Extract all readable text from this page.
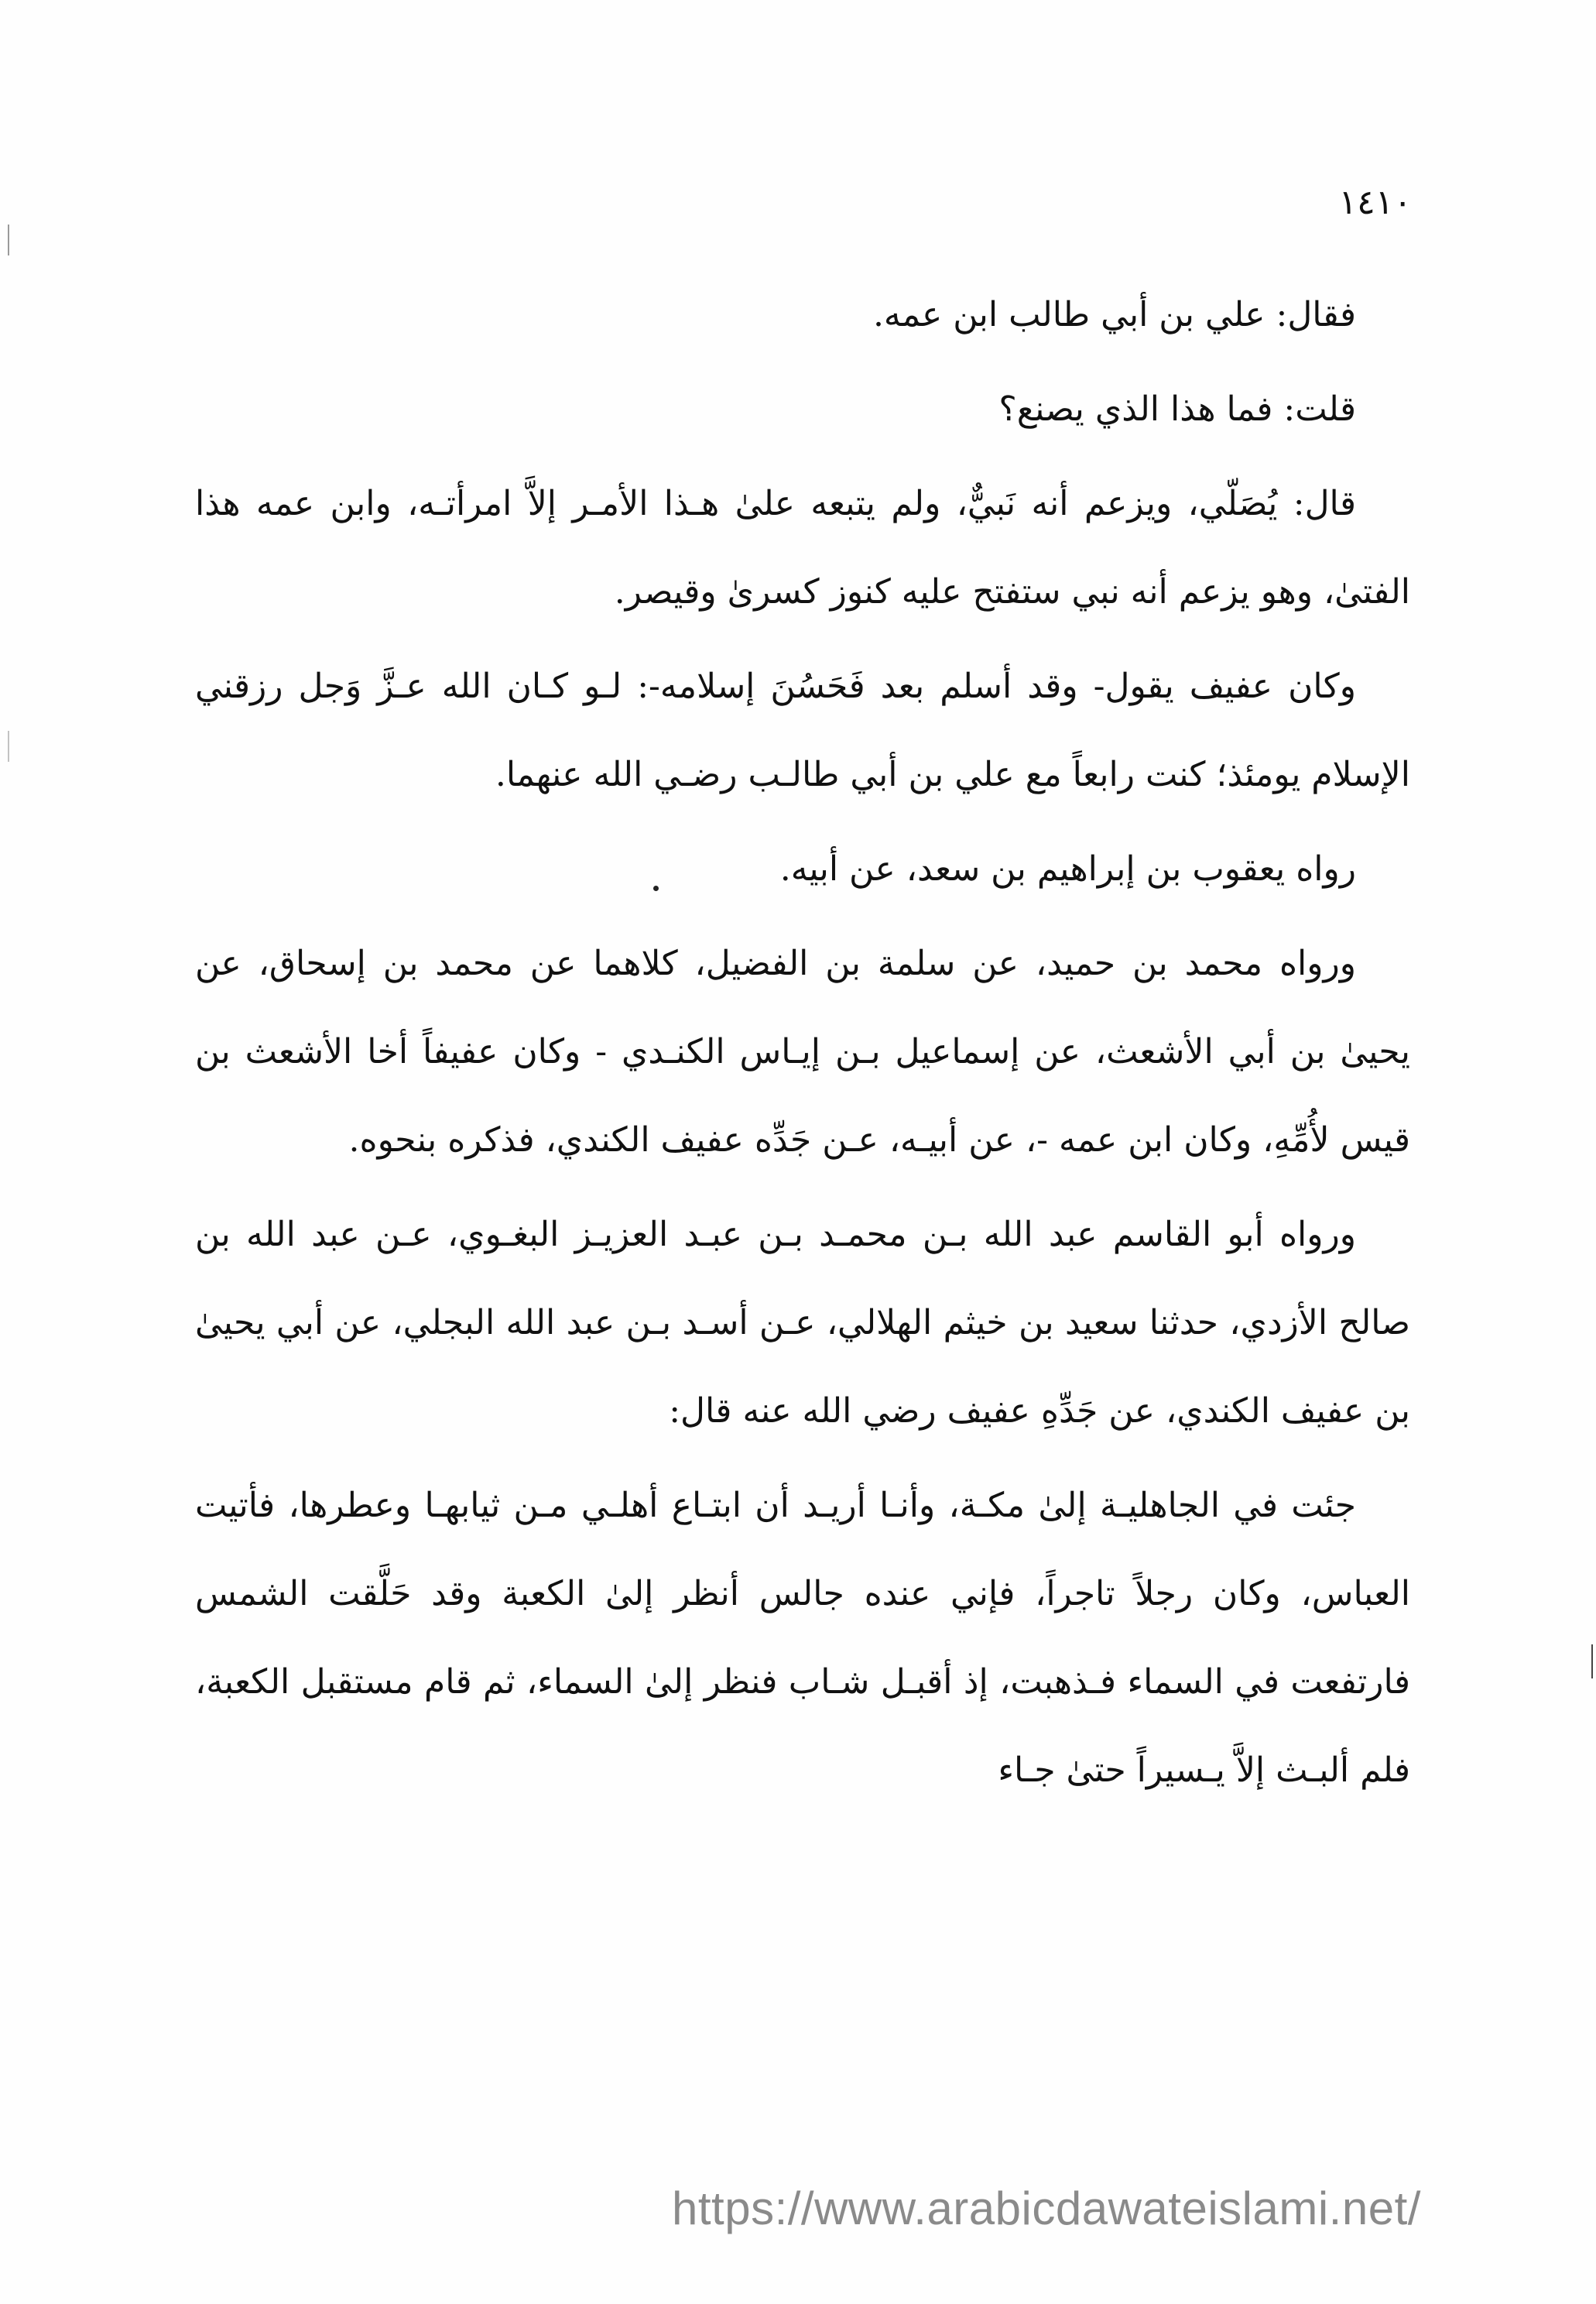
١٤١٠

فقال: علي بن أبي طالب ابن عمه.

قلت: فما هذا الذي يصنع؟

قال: يُصَلّي، ويزعم أنه نَبيٌّ، ولم يتبعه علىٰ هـذا الأمـر إلاَّ امرأتـه، وابن عمه هذا الفتىٰ، وهو يزعم أنه نبي ستفتح عليه كنوز كسرىٰ وقيصر.

وكان عفيف يقول- وقد أسلم بعد فَحَسُنَ إسلامه-: لـو كـان الله عـزَّ وَجل رزقني الإسلام يومئذ؛ كنت رابعاً مع علي بن أبي طالـب رضـي الله عنهما.

رواه يعقوب بن إبراهيم بن سعد، عن أبيه.

ورواه محمد بن حميد، عن سلمة بن الفضيل، كلاهما عن محمد بن إسحاق، عن يحيىٰ بن أبي الأشعث، عن إسماعيل بـن إيـاس الكنـدي - وكان عفيفاً أخا الأشعث بن قيس لأُمِّهِ، وكان ابن عمه -، عن أبيـه، عـن جَدِّه عفيف الكندي، فذكره بنحوه.

ورواه أبو القاسم عبد الله بـن محمـد بـن عبـد العزيـز البغـوي، عـن عبد الله بن صالح الأزدي، حدثنا سعيد بن خيثم الهلالي، عـن أسـد بـن عبد الله البجلي، عن أبي يحيىٰ بن عفيف الكندي، عن جَدِّهِ عفيف رضي الله عنه قال:

جئت في الجاهليـة إلىٰ مكـة، وأنـا أريـد أن ابتـاع أهلـي مـن ثيابهـا وعطرها، فأتيت العباس، وكان رجلاً تاجراً، فإني عنده جالس أنظر إلىٰ الكعبة وقد حَلَّقت الشمس فارتفعت في السماء فـذهبت، إذ أقبـل شـاب فنظر إلىٰ السماء، ثم قام مستقبل الكعبة، فلم ألبـث إلاَّ يـسيراً حتىٰ جـاء

https://www.arabicdawateislami.net/
